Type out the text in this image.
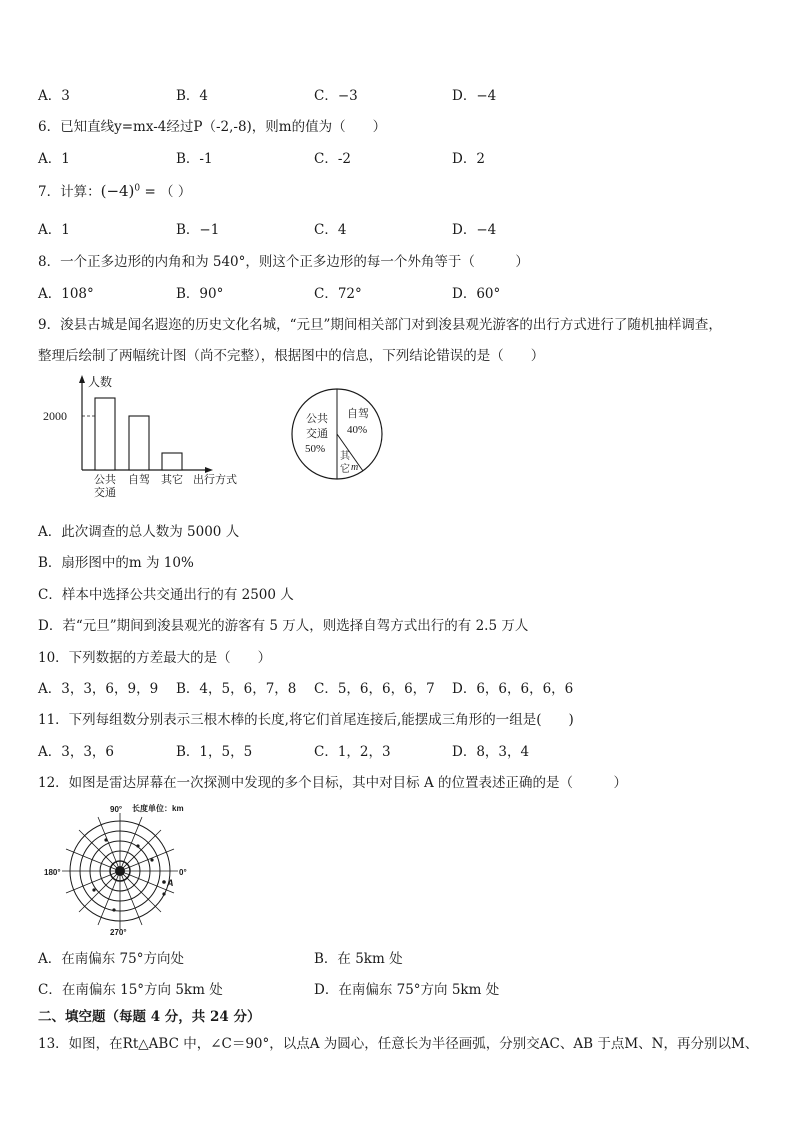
A．3	B．4	C．−3	D．−4
6．已知直线y=mx-4经过P（-2,-8)，则m的值为（　　）
A．1	B．-1	C．-2	D．2
7．计算：$(-4)^0$ = （ ）
A．1	B．−1	C．4	D．−4
8．一个正多边形的内角和为 540°，则这个正多边形的每一个外角等于（　　　）
A．108°	B．90°	C．72°	D．60°
9．浚县古城是闻名遐迩的历史文化名城，“元旦”期间相关部门对到浚县观光游客的出行方式进行了随机抽样调查，
整理后绘制了两幅统计图（尚不完整），根据图中的信息，下列结论错误的是（　　）
人数
2000
公共
交通
自驾 其它 出行方式
公共
交通
50%
自驾
40%
其
它 m
A．此次调查的总人数为 5000 人
B．扇形图中的m 为 10%
C．样本中选择公共交通出行的有 2500 人
D．若“元旦”期间到浚县观光的游客有 5 万人，则选择自驾方式出行的有 2.5 万人
10．下列数据的方差最大的是（　　）
A．3，3，6，9，9 B．4，5，6，7，8 C．5，6，6，6，7 D．6，6，6，6，6
11．下列每组数分别表示三根木棒的长度,将它们首尾连接后,能摆成三角形的一组是(　　)
A．3，3，6	B．1，5，5	C．1，2，3	D．8，3，4
12．如图是雷达屏幕在一次探测中发现的多个目标，其中对目标 A 的位置表述正确的是（　　　）
90° 长度单位：km
180°	0°
270°
A
A．在南偏东 75°方向处	B．在 5km 处
C．在南偏东 15°方向 5km 处	D．在南偏东 75°方向 5km 处
二、填空题（每题 4 分，共 24 分）
13．如图，在Rt△ABC 中，∠C＝90°，以点A 为圆心，任意长为半径画弧，分别交AC、AB 于点M、N，再分别以M、
